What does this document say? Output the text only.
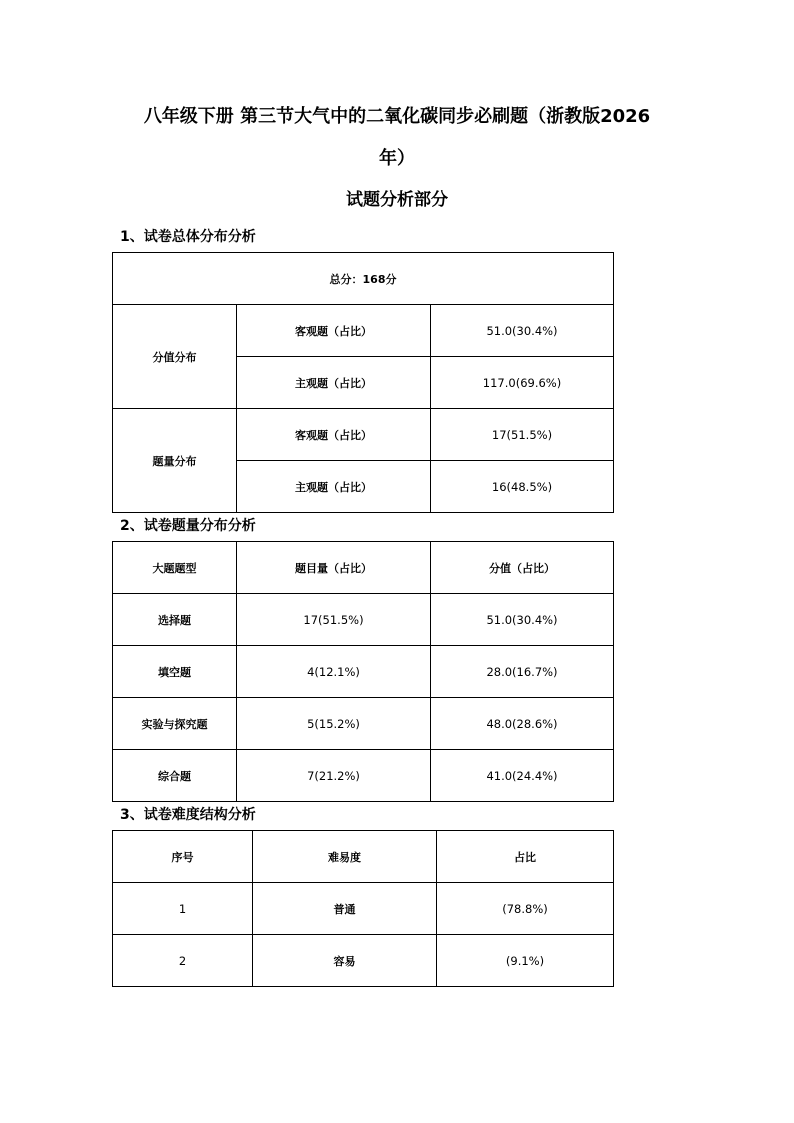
八年级下册 第三节大气中的二氧化碳同步必刷题（浙教版2026
年）
试题分析部分
1、试卷总体分布分析
总分：168分		
分值分布	客观题（占比）	51.0(30.4%)
	主观题（占比）	117.0(69.6%)
题量分布	客观题（占比）	17(51.5%)
	主观题（占比）	16(48.5%)
2、试卷题量分布分析
大题题型	题目量（占比）	分值（占比）
选择题	17(51.5%)	51.0(30.4%)
填空题	4(12.1%)	28.0(16.7%)
实验与探究题	5(15.2%)	48.0(28.6%)
综合题	7(21.2%)	41.0(24.4%)
3、试卷难度结构分析
序号	难易度	占比
1	普通	(78.8%)
2	容易	(9.1%)
